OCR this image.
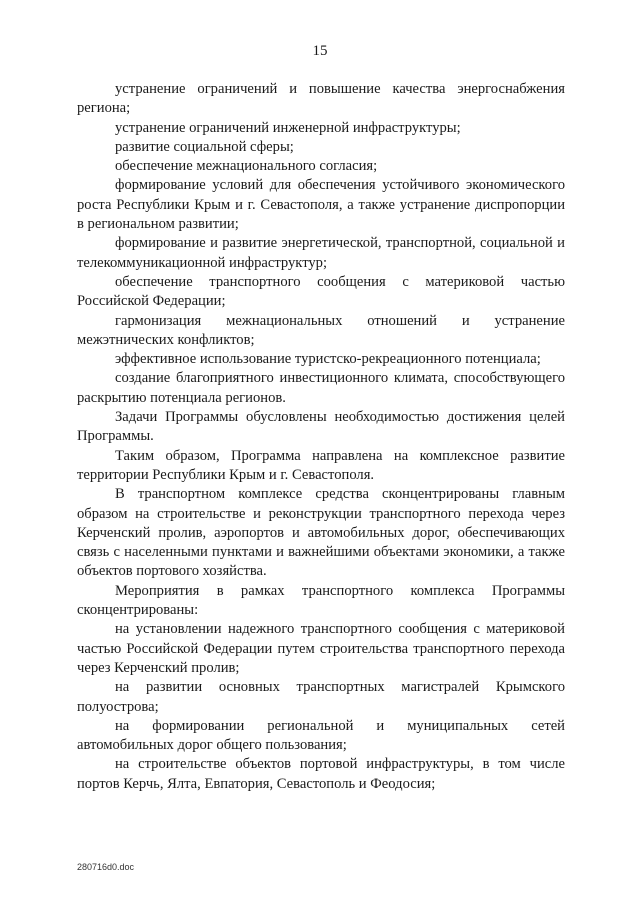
15

устранение ограничений и повышение качества энергоснабжения региона;

устранение ограничений инженерной инфраструктуры;

развитие социальной сферы;

обеспечение межнационального согласия;

формирование условий для обеспечения устойчивого экономического роста Республики Крым и г. Севастополя, а также устранение диспропорции в региональном развитии;

формирование и развитие энергетической, транспортной, социальной и телекоммуникационной инфраструктур;

обеспечение транспортного сообщения с материковой частью Российской Федерации;

гармонизация межнациональных отношений и устранение межэтнических конфликтов;

эффективное использование туристско-рекреационного потенциала;

создание благоприятного инвестиционного климата, способствующего раскрытию потенциала регионов.

Задачи Программы обусловлены необходимостью достижения целей Программы.

Таким образом, Программа направлена на комплексное развитие территории Республики Крым и г. Севастополя.

В транспортном комплексе средства сконцентрированы главным образом на строительстве и реконструкции транспортного перехода через Керченский пролив, аэропортов и автомобильных дорог, обеспечивающих связь с населенными пунктами и важнейшими объектами экономики, а также объектов портового хозяйства.

Мероприятия в рамках транспортного комплекса Программы сконцентрированы:

на установлении надежного транспортного сообщения с материковой частью Российской Федерации путем строительства транспортного перехода через Керченский пролив;

на развитии основных транспортных магистралей Крымского полуострова;

на формировании региональной и муниципальных сетей автомобильных дорог общего пользования;

на строительстве объектов портовой инфраструктуры, в том числе портов Керчь, Ялта, Евпатория, Севастополь и Феодосия;

280716d0.doc
